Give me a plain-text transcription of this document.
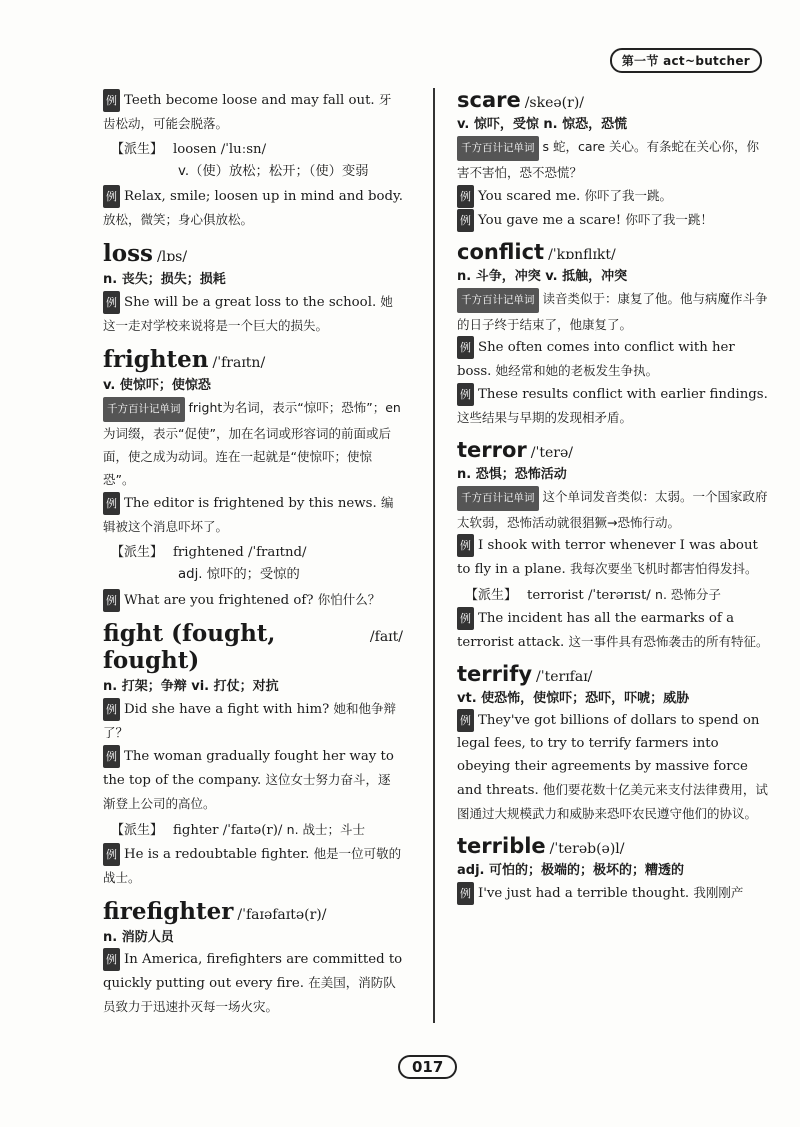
第一节 act~butcher

例 Teeth become loose and may fall out. 牙齿松动，可能会脱落。

【派生】 loosen /ˈluːsn/

v.（使）放松；松开；（使）变弱

例 Relax, smile; loosen up in mind and body. 放松，微笑；身心俱放松。

loss /lɒs/

n. 丧失；损失；损耗

例 She will be a great loss to the school. 她这一走对学校来说将是一个巨大的损失。

frighten /ˈfraɪtn/

v. 使惊吓；使惊恐

千方百计记单词 fright为名词，表示“惊吓；恐怖”；en为词缀，表示“促使”，加在名词或形容词的前面或后面，使之成为动词。连在一起就是“使惊吓；使惊恐”。

例 The editor is frightened by this news. 编辑被这个消息吓坏了。

【派生】 frightened /ˈfraɪtnd/

adj. 惊吓的；受惊的

例 What are you frightened of? 你怕什么？

fight (fought, fought)
/faɪt/

n. 打架；争辩 vi. 打仗；对抗

例 Did she have a fight with him? 她和他争辩了？

例 The woman gradually fought her way to the top of the company. 这位女士努力奋斗，逐渐登上公司的高位。

【派生】 fighter /ˈfaɪtə(r)/ n. 战士；斗士

例 He is a redoubtable fighter. 他是一位可敬的战士。

firefighter /ˈfaɪəfaɪtə(r)/

n. 消防人员

例 In America, firefighters are committed to quickly putting out every fire. 在美国，消防队员致力于迅速扑灭每一场火灾。

scare /skeə(r)/

v. 惊吓，受惊 n. 惊恐，恐慌

千方百计记单词 s 蛇，care 关心。有条蛇在关心你，你害不害怕，恐不恐慌？

例 You scared me. 你吓了我一跳。

例 You gave me a scare! 你吓了我一跳！

conflict /ˈkɒnflɪkt/

n. 斗争，冲突 v. 抵触，冲突

千方百计记单词 读音类似于：康复了他。他与病魔作斗争的日子终于结束了，他康复了。

例 She often comes into conflict with her boss. 她经常和她的老板发生争执。

例 These results conflict with earlier findings. 这些结果与早期的发现相矛盾。

terror /ˈterə/

n. 恐惧；恐怖活动

千方百计记单词 这个单词发音类似：太弱。一个国家政府太软弱，恐怖活动就很猖獗→恐怖行动。

例 I shook with terror whenever I was about to fly in a plane. 我每次要坐飞机时都害怕得发抖。

【派生】 terrorist /ˈterərɪst/ n. 恐怖分子

例 The incident has all the earmarks of a terrorist attack. 这一事件具有恐怖袭击的所有特征。

terrify /ˈterɪfaɪ/

vt. 使恐怖，使惊吓；恐吓，吓唬；威胁

例 They've got billions of dollars to spend on legal fees, to try to terrify farmers into obeying their agreements by massive force and threats. 他们要花数十亿美元来支付法律费用，试图通过大规模武力和威胁来恐吓农民遵守他们的协议。

terrible /ˈterəb(ə)l/

adj. 可怕的；极端的；极坏的；糟透的

例 I've just had a terrible thought. 我刚刚产

017
